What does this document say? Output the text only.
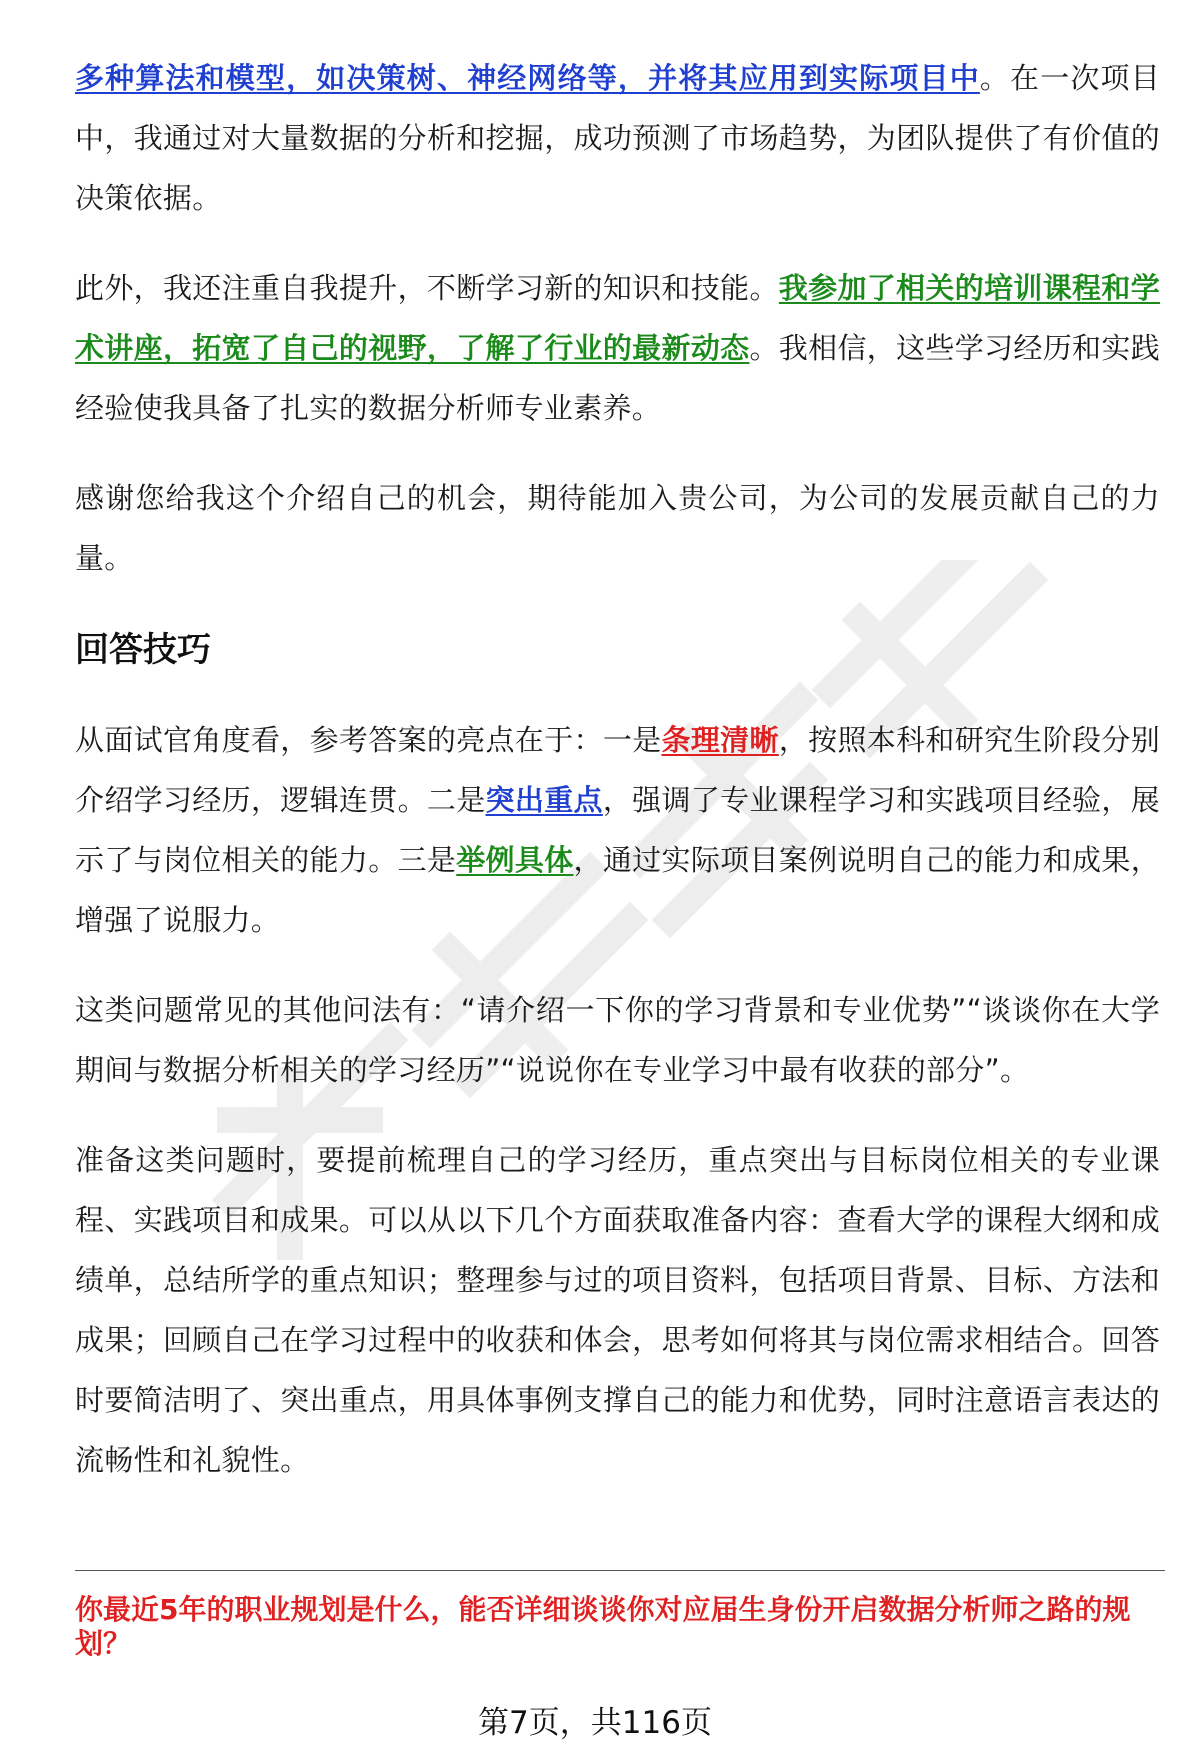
多种算法和模型，如决策树、神经网络等，并将其应用到实际项目中。在一次项目中，我通过对大量数据的分析和挖掘，成功预测了市场趋势，为团队提供了有价值的决策依据。

此外，我还注重自我提升，不断学习新的知识和技能。我参加了相关的培训课程和学术讲座，拓宽了自己的视野，了解了行业的最新动态。我相信，这些学习经历和实践经验使我具备了扎实的数据分析师专业素养。

感谢您给我这个介绍自己的机会，期待能加入贵公司，为公司的发展贡献自己的力量。

回答技巧

从面试官角度看，参考答案的亮点在于：一是条理清晰，按照本科和研究生阶段分别介绍学习经历，逻辑连贯。二是突出重点，强调了专业课程学习和实践项目经验，展示了与岗位相关的能力。三是举例具体，通过实际项目案例说明自己的能力和成果，增强了说服力。

这类问题常见的其他问法有：“请介绍一下你的学习背景和专业优势”“谈谈你在大学期间与数据分析相关的学习经历”“说说你在专业学习中最有收获的部分”。

准备这类问题时，要提前梳理自己的学习经历，重点突出与目标岗位相关的专业课程、实践项目和成果。可以从以下几个方面获取准备内容：查看大学的课程大纲和成绩单，总结所学的重点知识；整理参与过的项目资料，包括项目背景、目标、方法和成果；回顾自己在学习过程中的收获和体会，思考如何将其与岗位需求相结合。回答时要简洁明了、突出重点，用具体事例支撑自己的能力和优势，同时注意语言表达的流畅性和礼貌性。

你最近5年的职业规划是什么，能否详细谈谈你对应届生身份开启数据分析师之路的规划？
第7页，共116页
